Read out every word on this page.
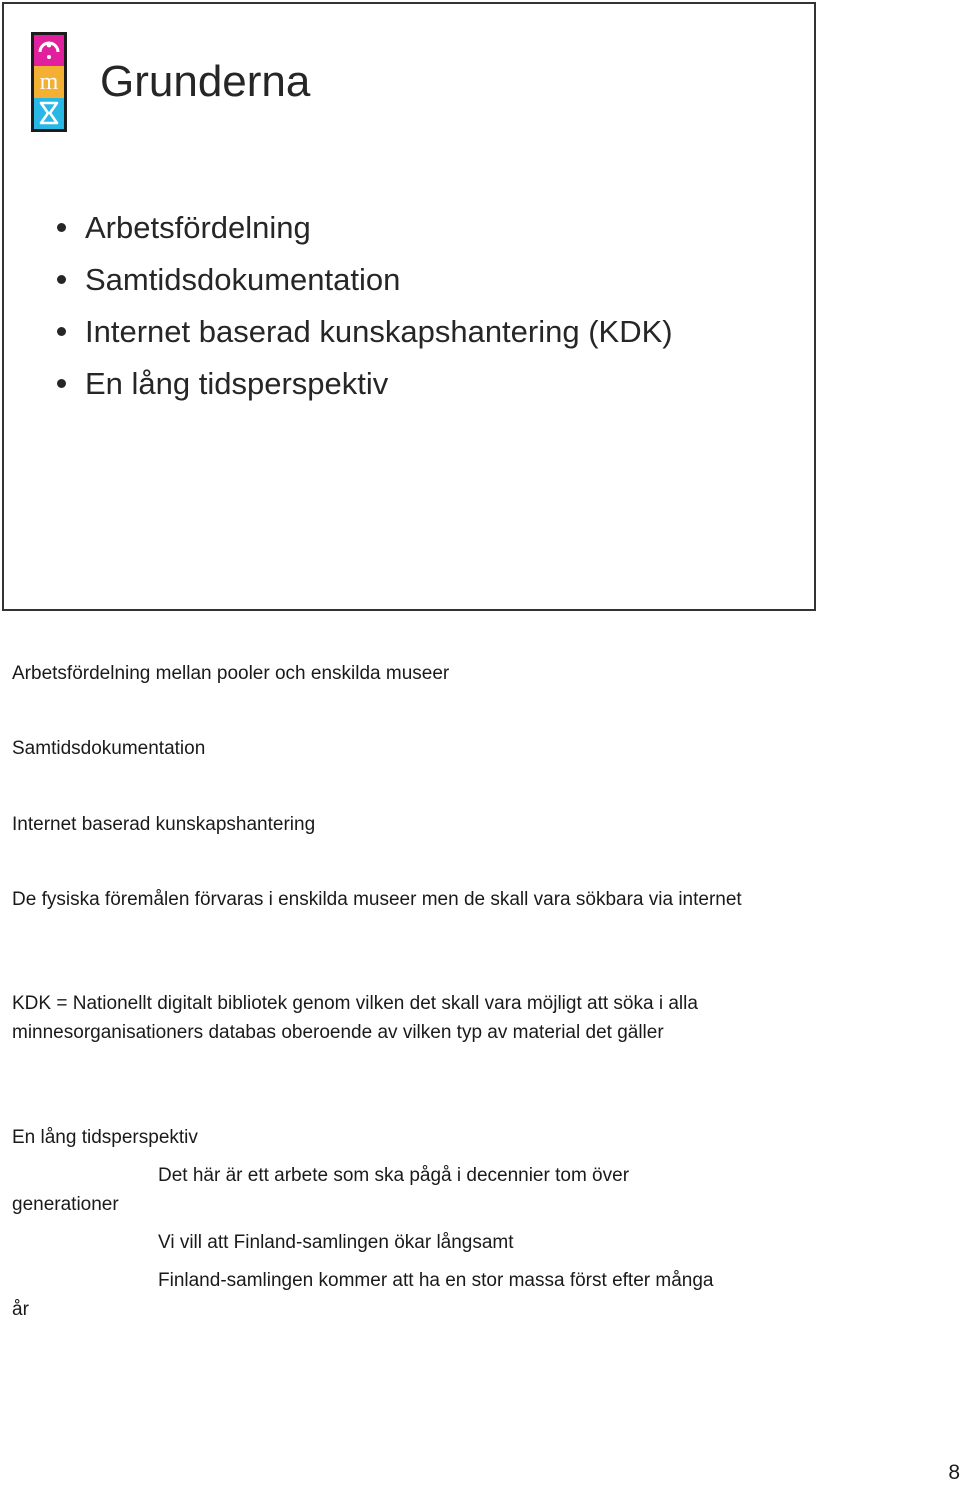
m Grunderna
Arbetsfördelning
Samtidsdokumentation
Internet baserad kunskapshantering (KDK)
En lång tidsperspektiv

Arbetsfördelning mellan pooler och enskilda museer

Samtidsdokumentation

Internet baserad kunskapshantering

De fysiska föremålen förvaras i enskilda museer men de skall vara sökbara via internet

KDK = Nationellt digitalt bibliotek genom vilken det skall vara möjligt att söka i alla minnesorganisationers databas oberoende av vilken typ av material det gäller

En lång tidsperspektiv

Det här är ett arbete som ska pågå i decennier tom över

generationer

Vi vill att Finland-samlingen ökar långsamt

Finland-samlingen kommer att ha en stor massa först efter många

år

8
